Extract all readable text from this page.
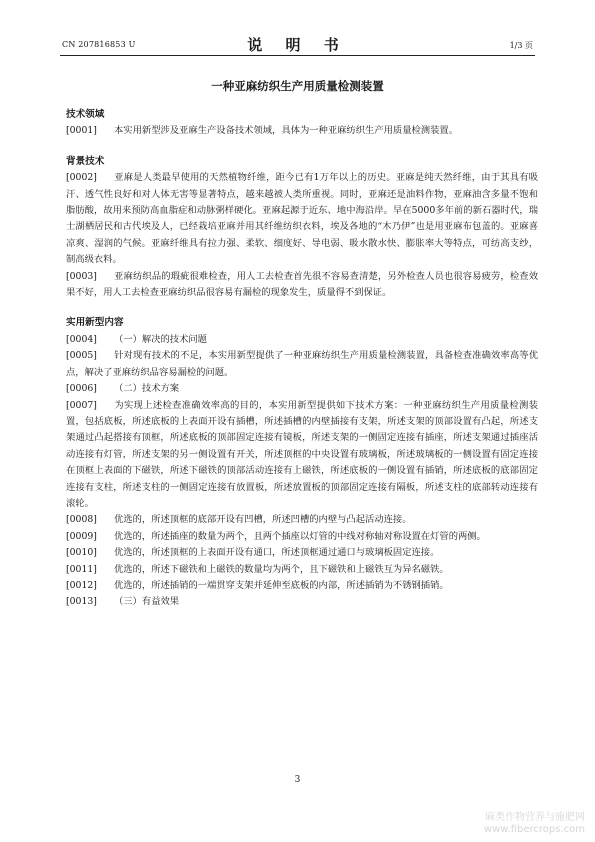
CN 207816853 U	说 明 书	1/3 页
一种亚麻纺织生产用质量检测装置

技术领域

[0001] 本实用新型涉及亚麻生产设备技术领域，具体为一种亚麻纺织生产用质量检测装置。

背景技术

[0002] 亚麻是人类最早使用的天然植物纤维，距今已有1万年以上的历史。亚麻是纯天然纤维，由于其具有吸汗、透气性良好和对人体无害等显著特点，越来越被人类所重视。同时，亚麻还是油料作物，亚麻油含多量不饱和脂肪酸，故用来预防高血脂症和动脉粥样硬化。亚麻起源于近东、地中海沿岸。早在5000多年前的新石器时代，瑞士湖栖居民和古代埃及人，已经栽培亚麻并用其纤维纺织衣料，埃及各地的“木乃伊”也是用亚麻布包盖的。亚麻喜凉爽、湿润的气候。亚麻纤维具有拉力强、柔软、细度好、导电弱、吸水散水快、膨胀率大等特点，可纺高支纱，制高级衣料。

[0003] 亚麻纺织品的瑕疵很难检查，用人工去检查首先很不容易查清楚，另外检查人员也很容易疲劳，检查效果不好，用人工去检查亚麻纺织品很容易有漏检的现象发生，质量得不到保证。

实用新型内容

[0004] （一）解决的技术问题

[0005] 针对现有技术的不足，本实用新型提供了一种亚麻纺织生产用质量检测装置，具备检查准确效率高等优点，解决了亚麻纺织品容易漏检的问题。

[0006] （二）技术方案

[0007] 为实现上述检查准确效率高的目的，本实用新型提供如下技术方案：一种亚麻纺织生产用质量检测装置，包括底板，所述底板的上表面开设有插槽，所述插槽的内壁插接有支架，所述支架的顶部设置有凸起，所述支架通过凸起搭接有顶框，所述底板的顶部固定连接有镜板，所述支架的一侧固定连接有插座，所述支架通过插座活动连接有灯管，所述支架的另一侧设置有开关，所述顶框的中央设置有玻璃板，所述玻璃板的一侧设置有固定连接在顶框上表面的下磁铁，所述下磁铁的顶部活动连接有上磁铁，所述底板的一侧设置有插销，所述底板的底部固定连接有支柱，所述支柱的一侧固定连接有放置板，所述放置板的顶部固定连接有隔板，所述支柱的底部转动连接有滚轮。

[0008] 优选的，所述顶框的底部开设有凹槽，所述凹槽的内壁与凸起活动连接。

[0009] 优选的，所述插座的数量为两个，且两个插座以灯管的中线对称轴对称设置在灯管的两侧。

[0010] 优选的，所述顶框的上表面开设有通口，所述顶框通过通口与玻璃板固定连接。

[0011] 优选的，所述下磁铁和上磁铁的数量均为两个，且下磁铁和上磁铁互为异名磁铁。

[0012] 优选的，所述插销的一端贯穿支架并延伸至底板的内部，所述插销为不锈钢插销。

[0013] （三）有益效果

3
麻类作物营养与施肥网
www.fibercrops.com
